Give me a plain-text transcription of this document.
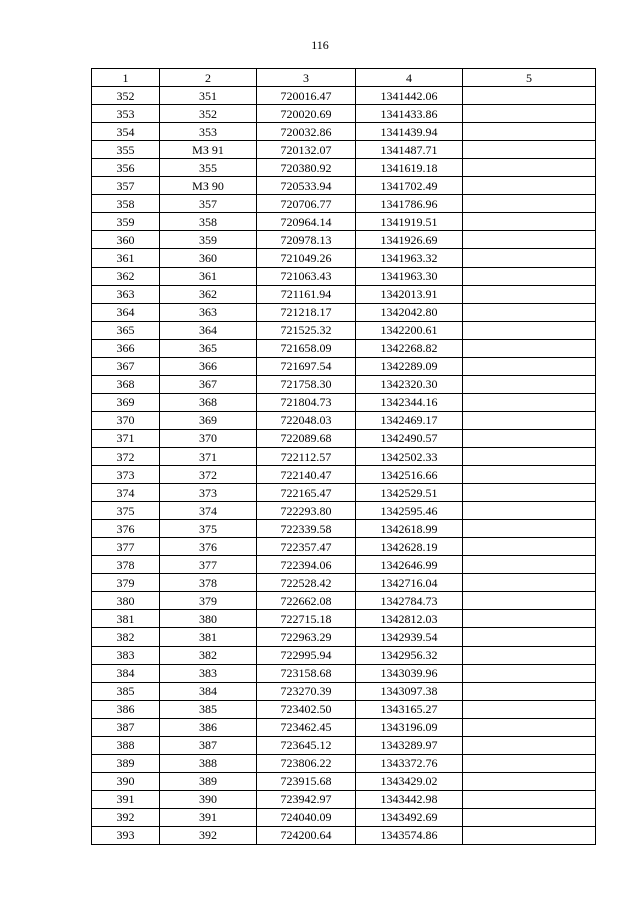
116
1	2	3	4	5
352	351	720016.47	1341442.06	
353	352	720020.69	1341433.86	
354	353	720032.86	1341439.94	
355	МЗ 91	720132.07	1341487.71	
356	355	720380.92	1341619.18	
357	МЗ 90	720533.94	1341702.49	
358	357	720706.77	1341786.96	
359	358	720964.14	1341919.51	
360	359	720978.13	1341926.69	
361	360	721049.26	1341963.32	
362	361	721063.43	1341963.30	
363	362	721161.94	1342013.91	
364	363	721218.17	1342042.80	
365	364	721525.32	1342200.61	
366	365	721658.09	1342268.82	
367	366	721697.54	1342289.09	
368	367	721758.30	1342320.30	
369	368	721804.73	1342344.16	
370	369	722048.03	1342469.17	
371	370	722089.68	1342490.57	
372	371	722112.57	1342502.33	
373	372	722140.47	1342516.66	
374	373	722165.47	1342529.51	
375	374	722293.80	1342595.46	
376	375	722339.58	1342618.99	
377	376	722357.47	1342628.19	
378	377	722394.06	1342646.99	
379	378	722528.42	1342716.04	
380	379	722662.08	1342784.73	
381	380	722715.18	1342812.03	
382	381	722963.29	1342939.54	
383	382	722995.94	1342956.32	
384	383	723158.68	1343039.96	
385	384	723270.39	1343097.38	
386	385	723402.50	1343165.27	
387	386	723462.45	1343196.09	
388	387	723645.12	1343289.97	
389	388	723806.22	1343372.76	
390	389	723915.68	1343429.02	
391	390	723942.97	1343442.98	
392	391	724040.09	1343492.69	
393	392	724200.64	1343574.86	
